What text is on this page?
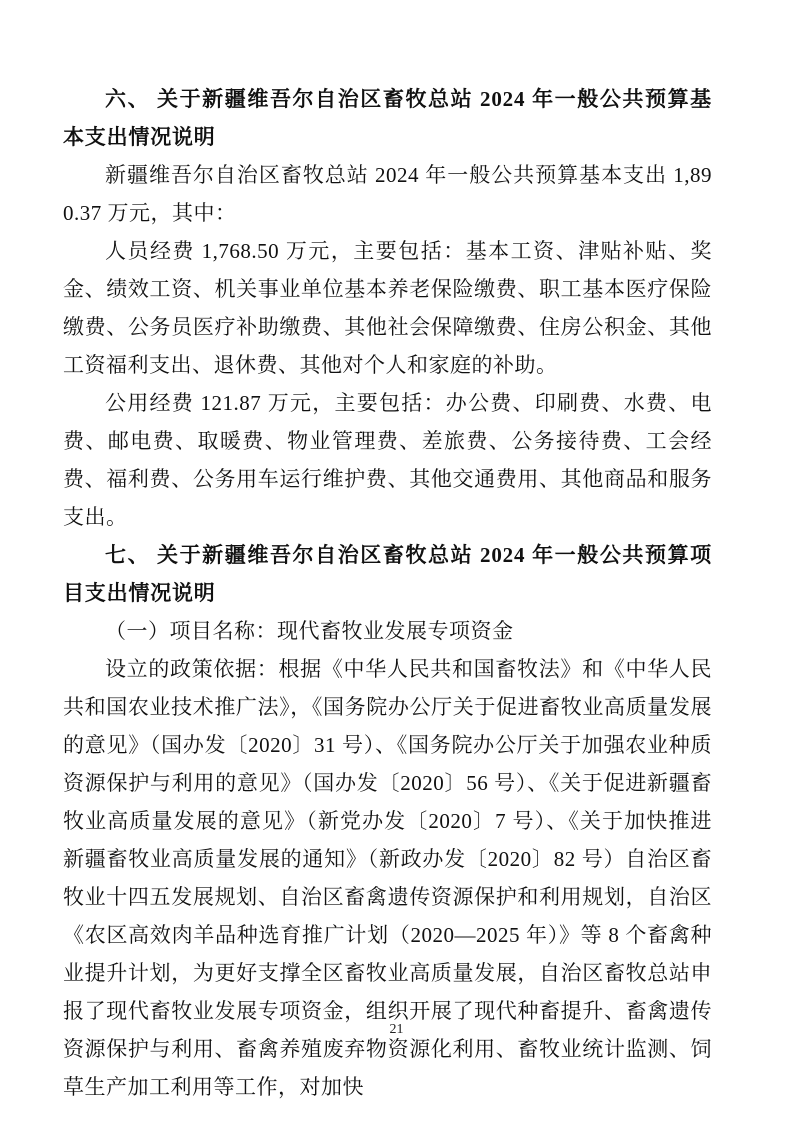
六、 关于新疆维吾尔自治区畜牧总站 2024 年一般公共预算基本支出情况说明

新疆维吾尔自治区畜牧总站 2024 年一般公共预算基本支出 1,890.37 万元，其中：

人员经费 1,768.50 万元，主要包括：基本工资、津贴补贴、奖金、绩效工资、机关事业单位基本养老保险缴费、职工基本医疗保险缴费、公务员医疗补助缴费、其他社会保障缴费、住房公积金、其他工资福利支出、退休费、其他对个人和家庭的补助。

公用经费 121.87 万元，主要包括：办公费、印刷费、水费、电费、邮电费、取暖费、物业管理费、差旅费、公务接待费、工会经费、福利费、公务用车运行维护费、其他交通费用、其他商品和服务支出。

七、 关于新疆维吾尔自治区畜牧总站 2024 年一般公共预算项目支出情况说明

（一）项目名称：现代畜牧业发展专项资金

设立的政策依据：根据《中华人民共和国畜牧法》和《中华人民共和国农业技术推广法》，《国务院办公厅关于促进畜牧业高质量发展的意见》（国办发〔2020〕31 号）、《国务院办公厅关于加强农业种质资源保护与利用的意见》（国办发〔2020〕56 号）、《关于促进新疆畜牧业高质量发展的意见》（新党办发〔2020〕7 号）、《关于加快推进新疆畜牧业高质量发展的通知》（新政办发〔2020〕82 号）自治区畜牧业十四五发展规划、自治区畜禽遗传资源保护和利用规划，自治区《农区高效肉羊品种选育推广计划（2020—2025 年）》等 8 个畜禽种业提升计划，为更好支撑全区畜牧业高质量发展，自治区畜牧总站申报了现代畜牧业发展专项资金，组织开展了现代种畜提升、畜禽遗传资源保护与利用、畜禽养殖废弃物资源化利用、畜牧业统计监测、饲草生产加工利用等工作，对加快

21
